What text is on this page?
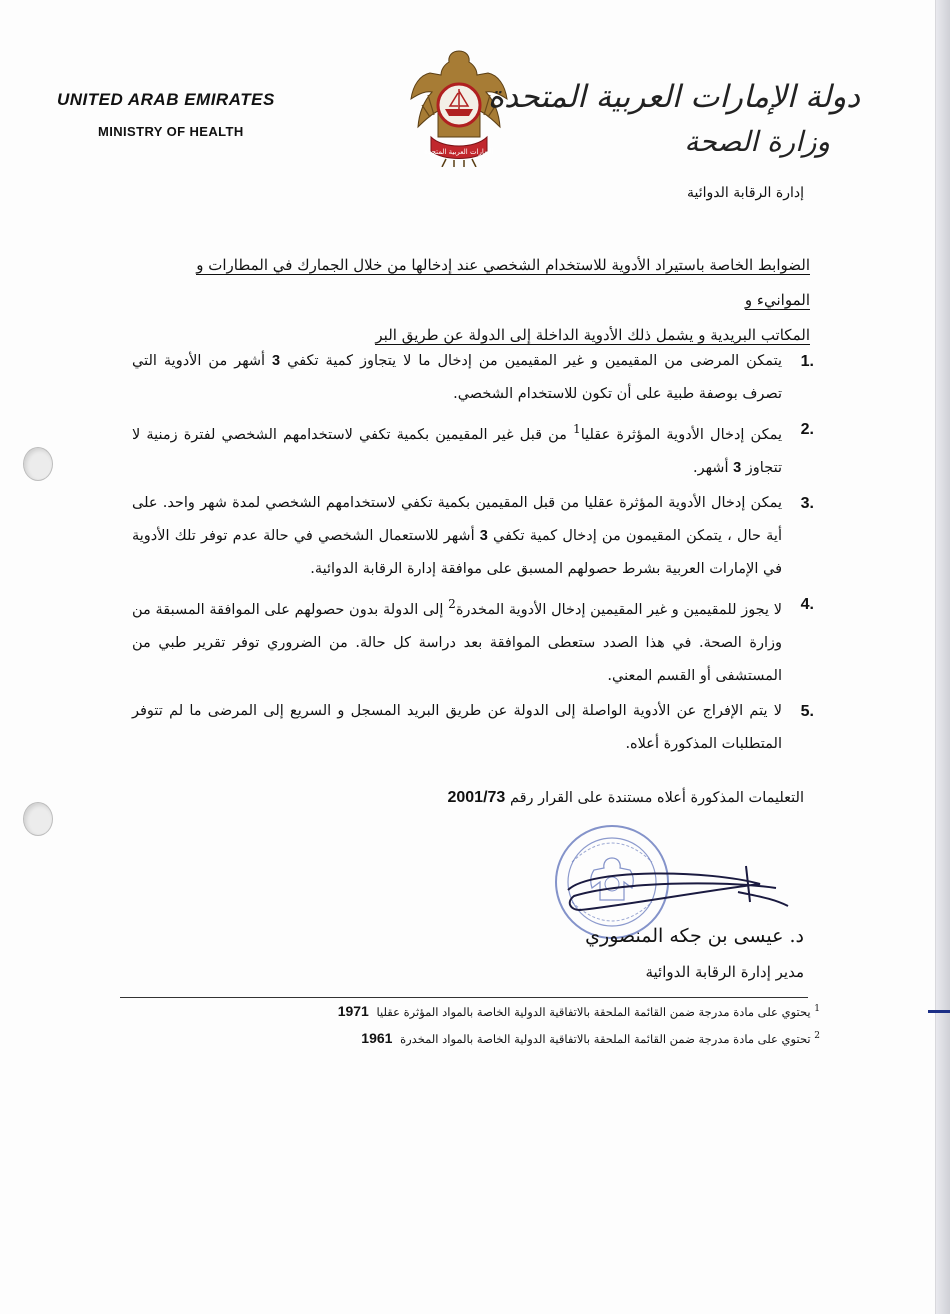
UNITED ARAB EMIRATES
MINISTRY OF HEALTH
الإمارات العربية المتحدة
دولة الإمارات العربية المتحدة
وزارة الصحة
إدارة الرقابة الدوائية
الضوابط الخاصة باستيراد الأدوية للاستخدام الشخصي عند إدخالها من خلال الجمارك في المطارات و الموانيء و
المكاتب البريدية و يشمل ذلك الأدوية الداخلة إلى الدولة عن طريق البر
1.
يتمكن المرضى من المقيمين و غير المقيمين من إدخال ما لا يتجاوز كمية تكفي 3 أشهر من الأدوية التي تصرف بوصفة طبية على أن تكون للاستخدام الشخصي.
2.
يمكن إدخال الأدوية المؤثرة عقليا$^1$ من قبل غير المقيمين بكمية تكفي لاستخدامهم الشخصي لفترة زمنية لا تتجاوز 3 أشهر.
3.
يمكن إدخال الأدوية المؤثرة عقليا من قبل المقيمين بكمية تكفي لاستخدامهم الشخصي لمدة شهر واحد. على أية حال ، يتمكن المقيمون من إدخال كمية تكفي 3 أشهر للاستعمال الشخصي في حالة عدم توفر تلك الأدوية في الإمارات العربية بشرط حصولهم المسبق على موافقة إدارة الرقابة الدوائية.
4.
لا يجوز للمقيمين و غير المقيمين إدخال الأدوية المخدرة$^2$ إلى الدولة بدون حصولهم على الموافقة المسبقة من وزارة الصحة. في هذا الصدد ستعطى الموافقة بعد دراسة كل حالة. من الضروري توفر تقرير طبي من المستشفى أو القسم المعني.
5.
لا يتم الإفراج عن الأدوية الواصلة إلى الدولة عن طريق البريد المسجل و السريع إلى المرضى ما لم تتوفر المتطلبات المذكورة أعلاه.
التعليمات المذكورة أعلاه مستندة على القرار رقم 2001/73
د. عيسى بن جكه المنصوري
مدير إدارة الرقابة الدوائية
$^1$ يحتوي على مادة مدرجة ضمن القائمة الملحقة بالاتفاقية الدولية الخاصة بالمواد المؤثرة عقليا 1971
$^2$ تحتوي على مادة مدرجة ضمن القائمة الملحقة بالاتفاقية الدولية الخاصة بالمواد المخدرة 1961
